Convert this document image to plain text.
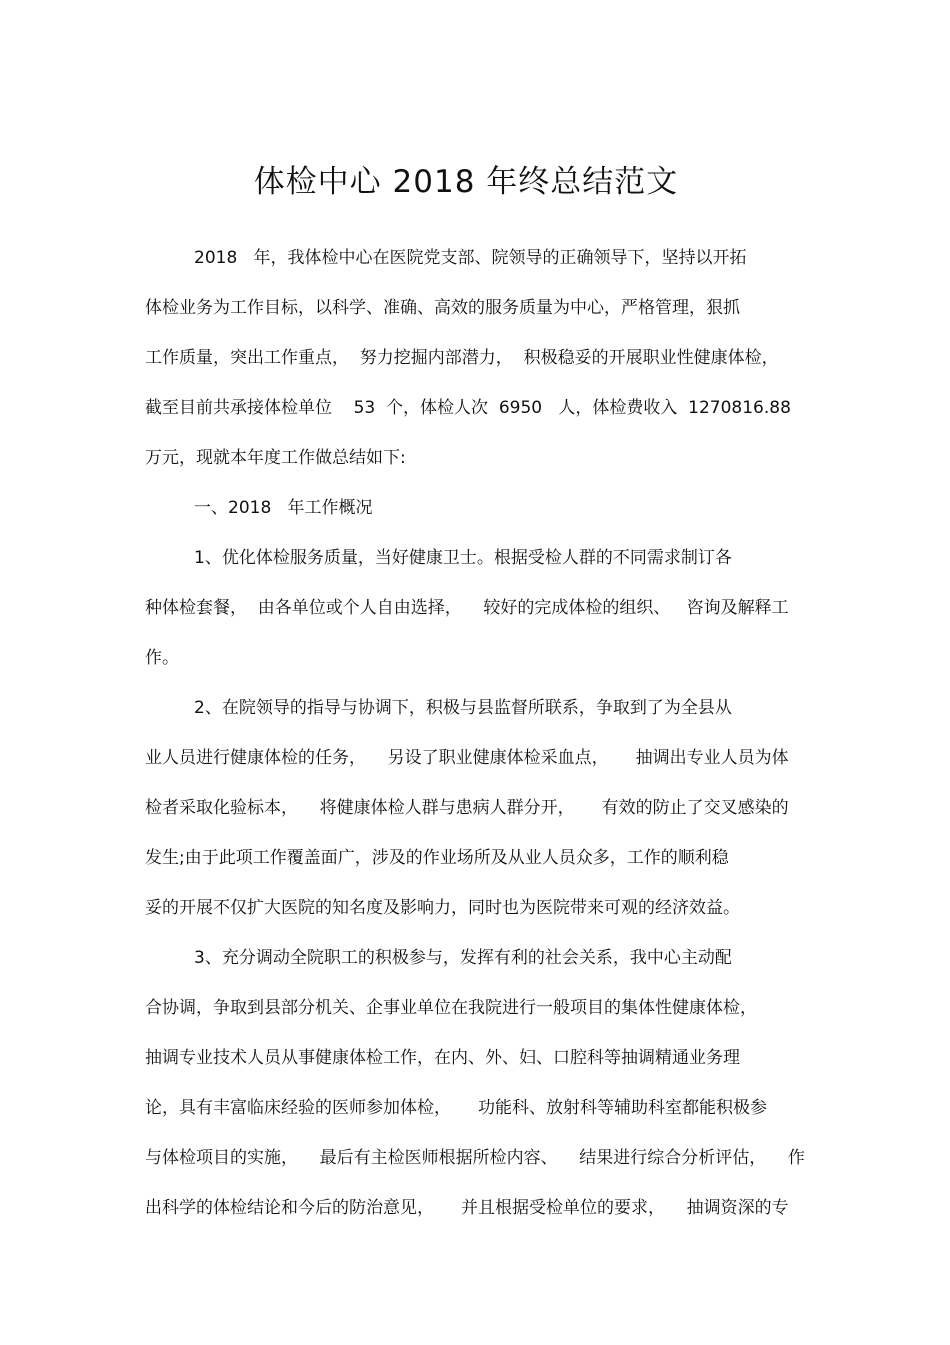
体检中心 2018 年终总结范文
2018   年，我体检中心在医院党支部、院领导的正确领导下，坚持以开拓
体检业务为工作目标，以科学、准确、高效的服务质量为中心，严格管理，狠抓
工作质量，突出工作重点，  努力挖掘内部潜力，  积极稳妥的开展职业性健康体检，
截至目前共承接体检单位    53  个，体检人次  6950   人，体检费收入  1270816.88
万元，现就本年度工作做总结如下:
一、2018   年工作概况
1、优化体检服务质量，当好健康卫士。根据受检人群的不同需求制订各
种体检套餐，  由各单位或个人自由选择，    较好的完成体检的组织、   咨询及解释工
作。
2、在院领导的指导与协调下，积极与县监督所联系，争取到了为全县从
业人员进行健康体检的任务，    另设了职业健康体检采血点，     抽调出专业人员为体
检者采取化验标本，    将健康体检人群与患病人群分开，     有效的防止了交叉感染的
发生;由于此项工作覆盖面广，涉及的作业场所及从业人员众多，工作的顺利稳
妥的开展不仅扩大医院的知名度及影响力，同时也为医院带来可观的经济效益。
3、充分调动全院职工的积极参与，发挥有利的社会关系，我中心主动配
合协调，争取到县部分机关、企事业单位在我院进行一般项目的集体性健康体检，
抽调专业技术人员从事健康体检工作，在内、外、妇、口腔科等抽调精通业务理
论，具有丰富临床经验的医师参加体检，     功能科、放射科等辅助科室都能积极参
与体检项目的实施，    最后有主检医师根据所检内容、    结果进行综合分析评估，    作
出科学的体检结论和今后的防治意见，     并且根据受检单位的要求，    抽调资深的专
